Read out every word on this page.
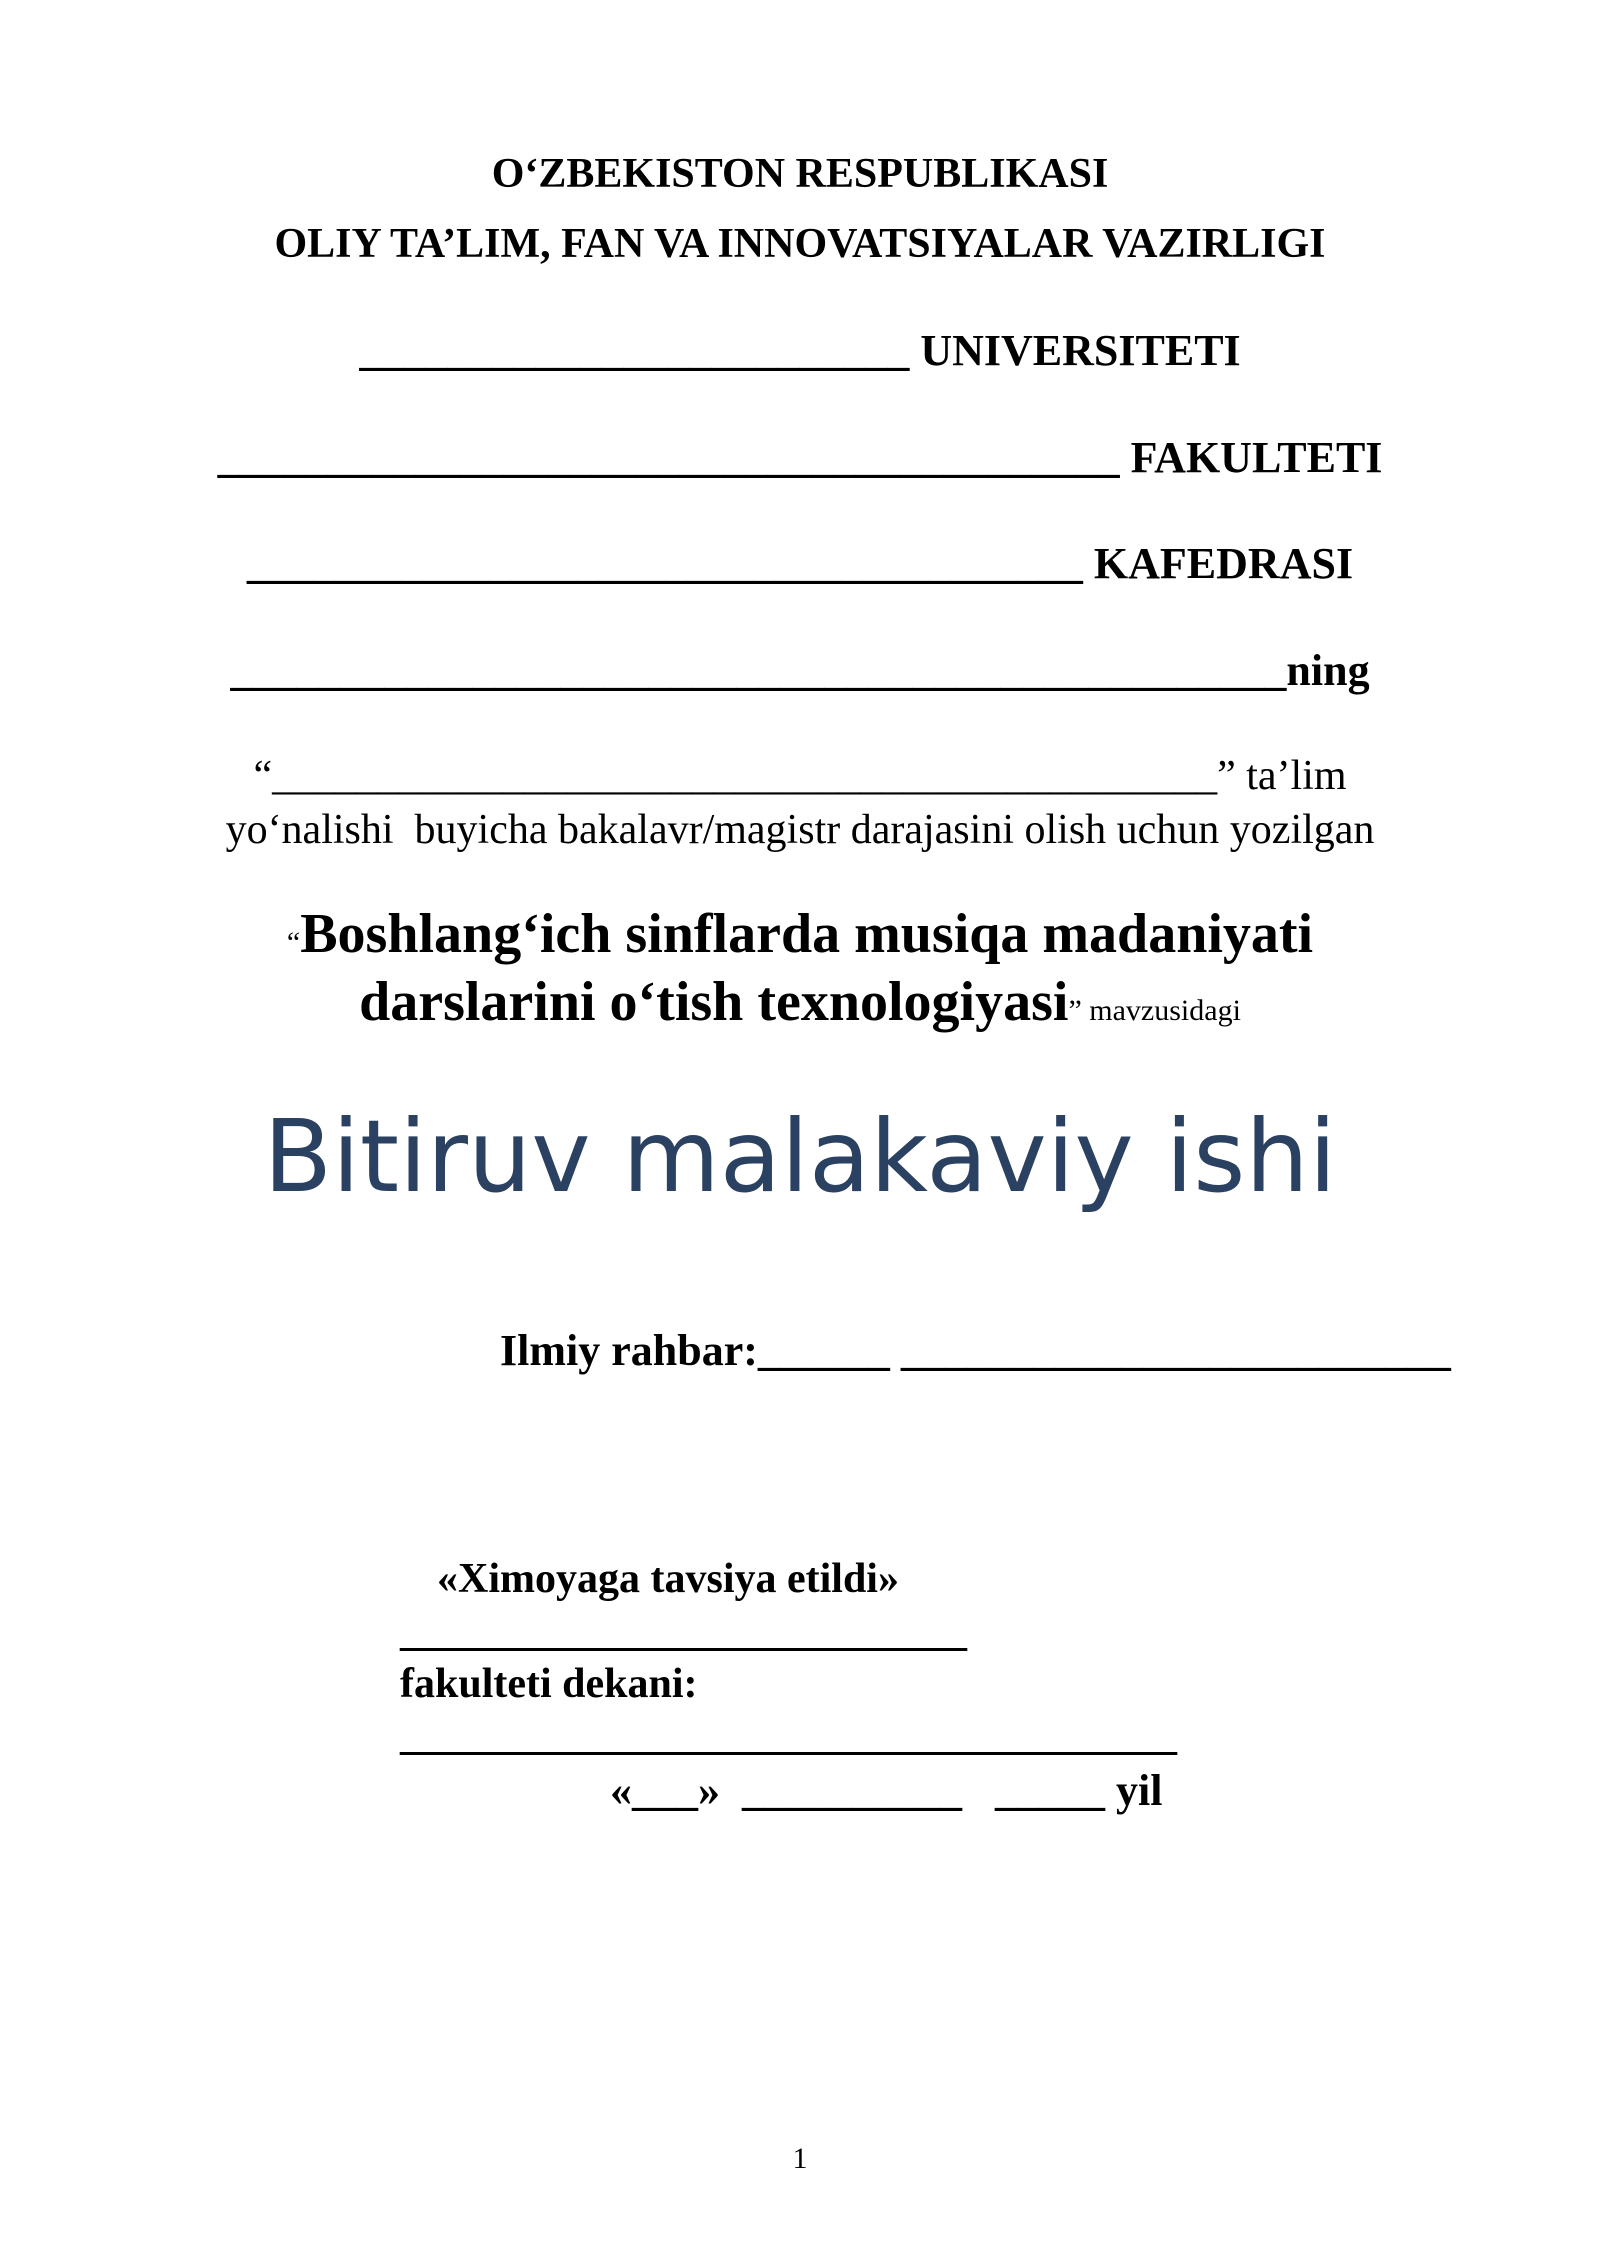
O‘ZBEKISTON RESPUBLIKASI
OLIY TA’LIM, FAN VA INNOVATSIYALAR VAZIRLIGI
_________________________ UNIVERSITETI
_________________________________________ FAKULTETI
______________________________________ KAFEDRASI
________________________________________________ning
“_____________________________________________” ta’lim
yo‘nalishi  buyicha bakalavr/magistr darajasini olish uchun yozilgan
“Boshlang‘ich sinflarda musiqa madaniyati
darslarini o‘tish texnologiyasi” mavzusidagi
Bitiruv malakaviy ishi
Ilmiy rahbar:______ _________________________
«Ximoyaga tavsiya etildi»
___________________________
fakulteti dekani:
_____________________________________
«___»  __________   _____ yil
1
